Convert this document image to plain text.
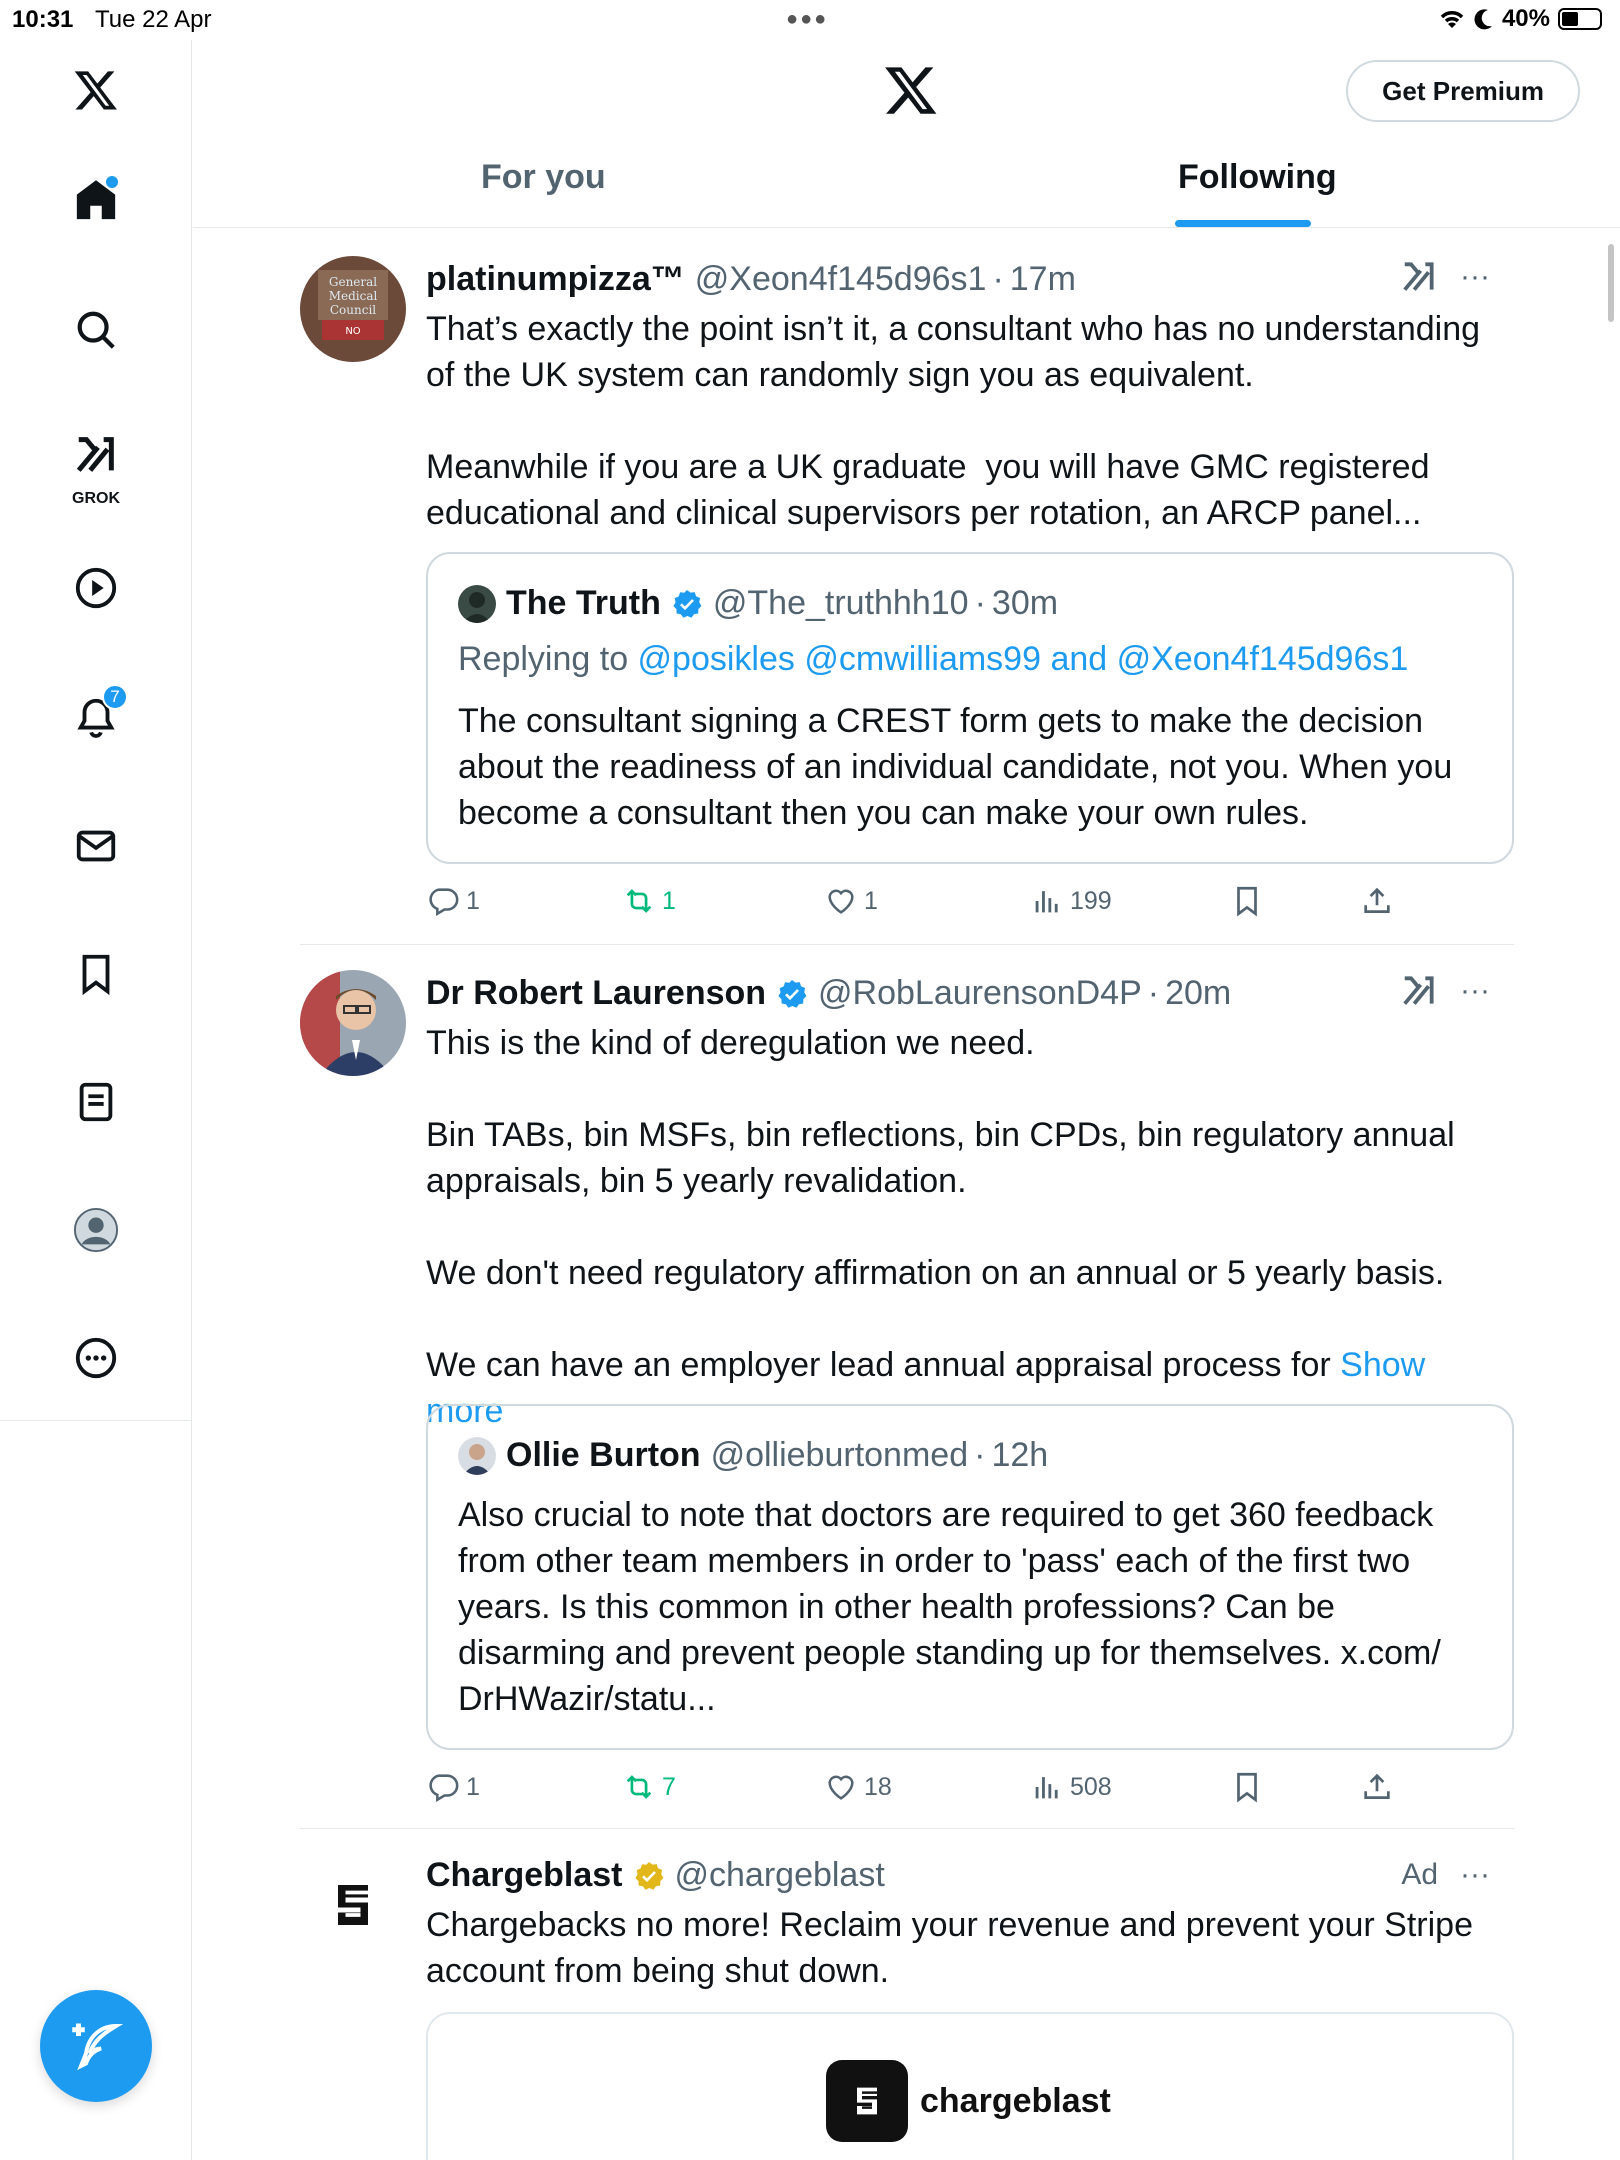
10:31 Tue 22 Apr	●●●	40%
GROK
7
Get Premium
For you	Following
General
Medical
Council
NO
platinumpizza™ @Xeon4f145d96s1 · 17m	···
That’s exactly the point isn’t it, a consultant who has no understanding of the UK system can randomly sign you as equivalent.

Meanwhile if you are a UK graduate  you will have GMC registered educational and clinical supervisors per rotation, an ARCP panel...
The Truth @The_truthhh10 · 30m
Replying to @posikles @cmwilliams99 and @Xeon4f145d96s1
The consultant signing a CREST form gets to make the decision about the readiness of an individual candidate, not you. When you become a consultant then you can make your own rules.
1	1	1	199
Dr Robert Laurenson @RobLaurensonD4P · 20m	···
This is the kind of deregulation we need.

Bin TABs, bin MSFs, bin reflections, bin CPDs, bin regulatory annual appraisals, bin 5 yearly revalidation.

We don't need regulatory affirmation on an annual or 5 yearly basis.

We can have an employer lead annual appraisal process for Show more
Ollie Burton @ollieburtonmed · 12h
Also crucial to note that doctors are required to get 360 feedback from other team members in order to 'pass' each of the first two years. Is this common in other health professions? Can be disarming and prevent people standing up for themselves. x.com/
DrHWazir/statu...
1	7	18	508
Chargeblast @chargeblast	Ad ···
Chargebacks no more! Reclaim your revenue and prevent your Stripe account from being shut down.
chargeblast
